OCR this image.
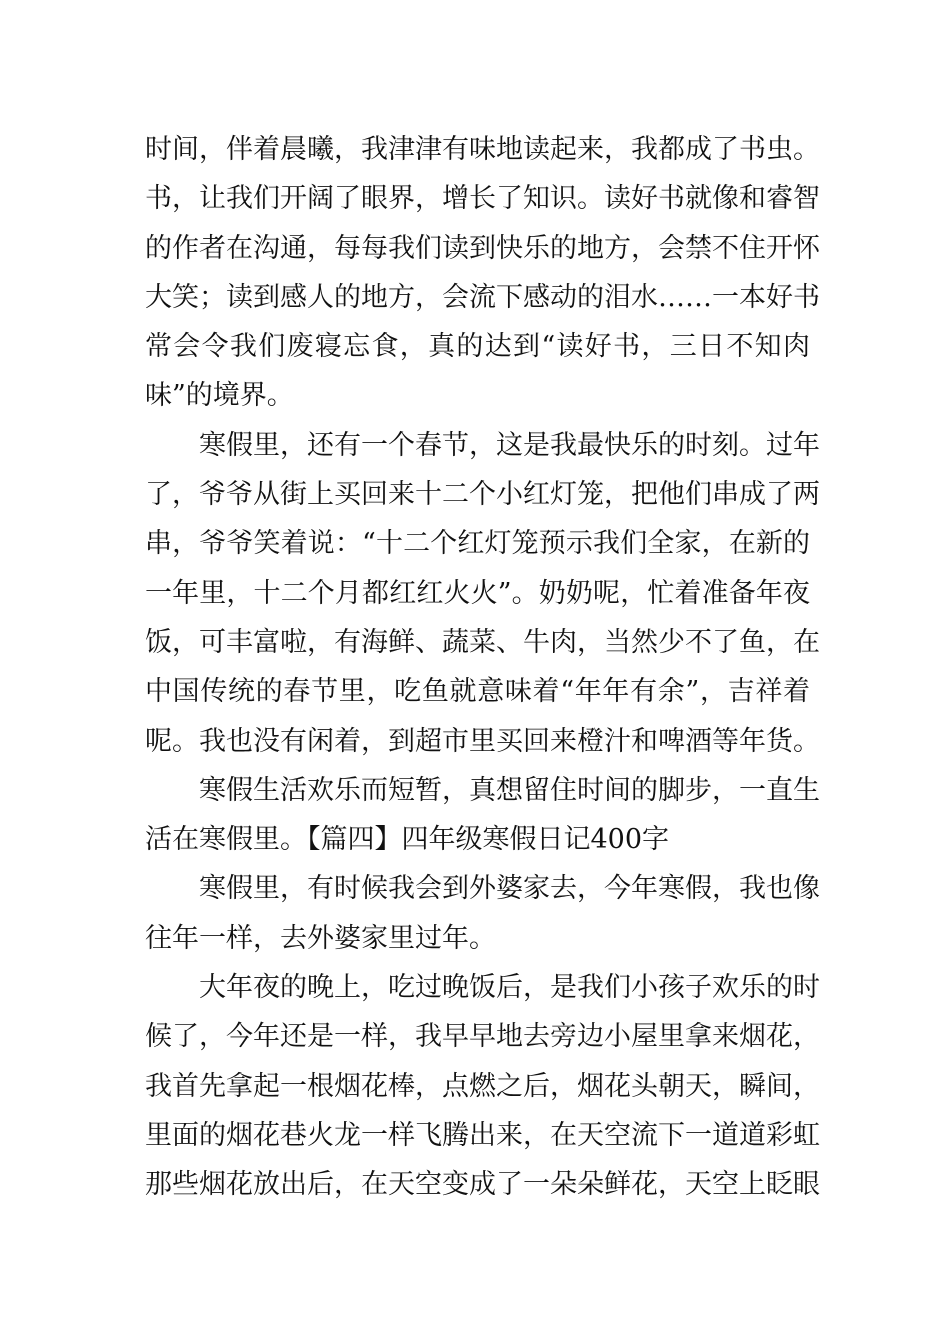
时间，伴着晨曦，我津津有味地读起来，我都成了书虫。
书，让我们开阔了眼界，增长了知识。读好书就像和睿智
的作者在沟通，每每我们读到快乐的地方，会禁不住开怀
大笑；读到感人的地方，会流下感动的泪水……一本好书
常会令我们废寝忘食，真的达到“读好书，三日不知肉
味”的境界。
寒假里，还有一个春节，这是我最快乐的时刻。过年
了，爷爷从街上买回来十二个小红灯笼，把他们串成了两
串，爷爷笑着说：“十二个红灯笼预示我们全家，在新的
一年里，十二个月都红红火火”。奶奶呢，忙着准备年夜
饭，可丰富啦，有海鲜、蔬菜、牛肉，当然少不了鱼，在
中国传统的春节里，吃鱼就意味着“年年有余”，吉祥着
呢。我也没有闲着，到超市里买回来橙汁和啤酒等年货。
寒假生活欢乐而短暂，真想留住时间的脚步，一直生
活在寒假里。【篇四】四年级寒假日记400字
寒假里，有时候我会到外婆家去，今年寒假，我也像
往年一样，去外婆家里过年。
大年夜的晚上，吃过晚饭后，是我们小孩子欢乐的时
候了，今年还是一样，我早早地去旁边小屋里拿来烟花，
我首先拿起一根烟花棒，点燃之后，烟花头朝天，瞬间，
里面的烟花巷火龙一样飞腾出来，在天空流下一道道彩虹
那些烟花放出后，在天空变成了一朵朵鲜花，天空上眨眼
